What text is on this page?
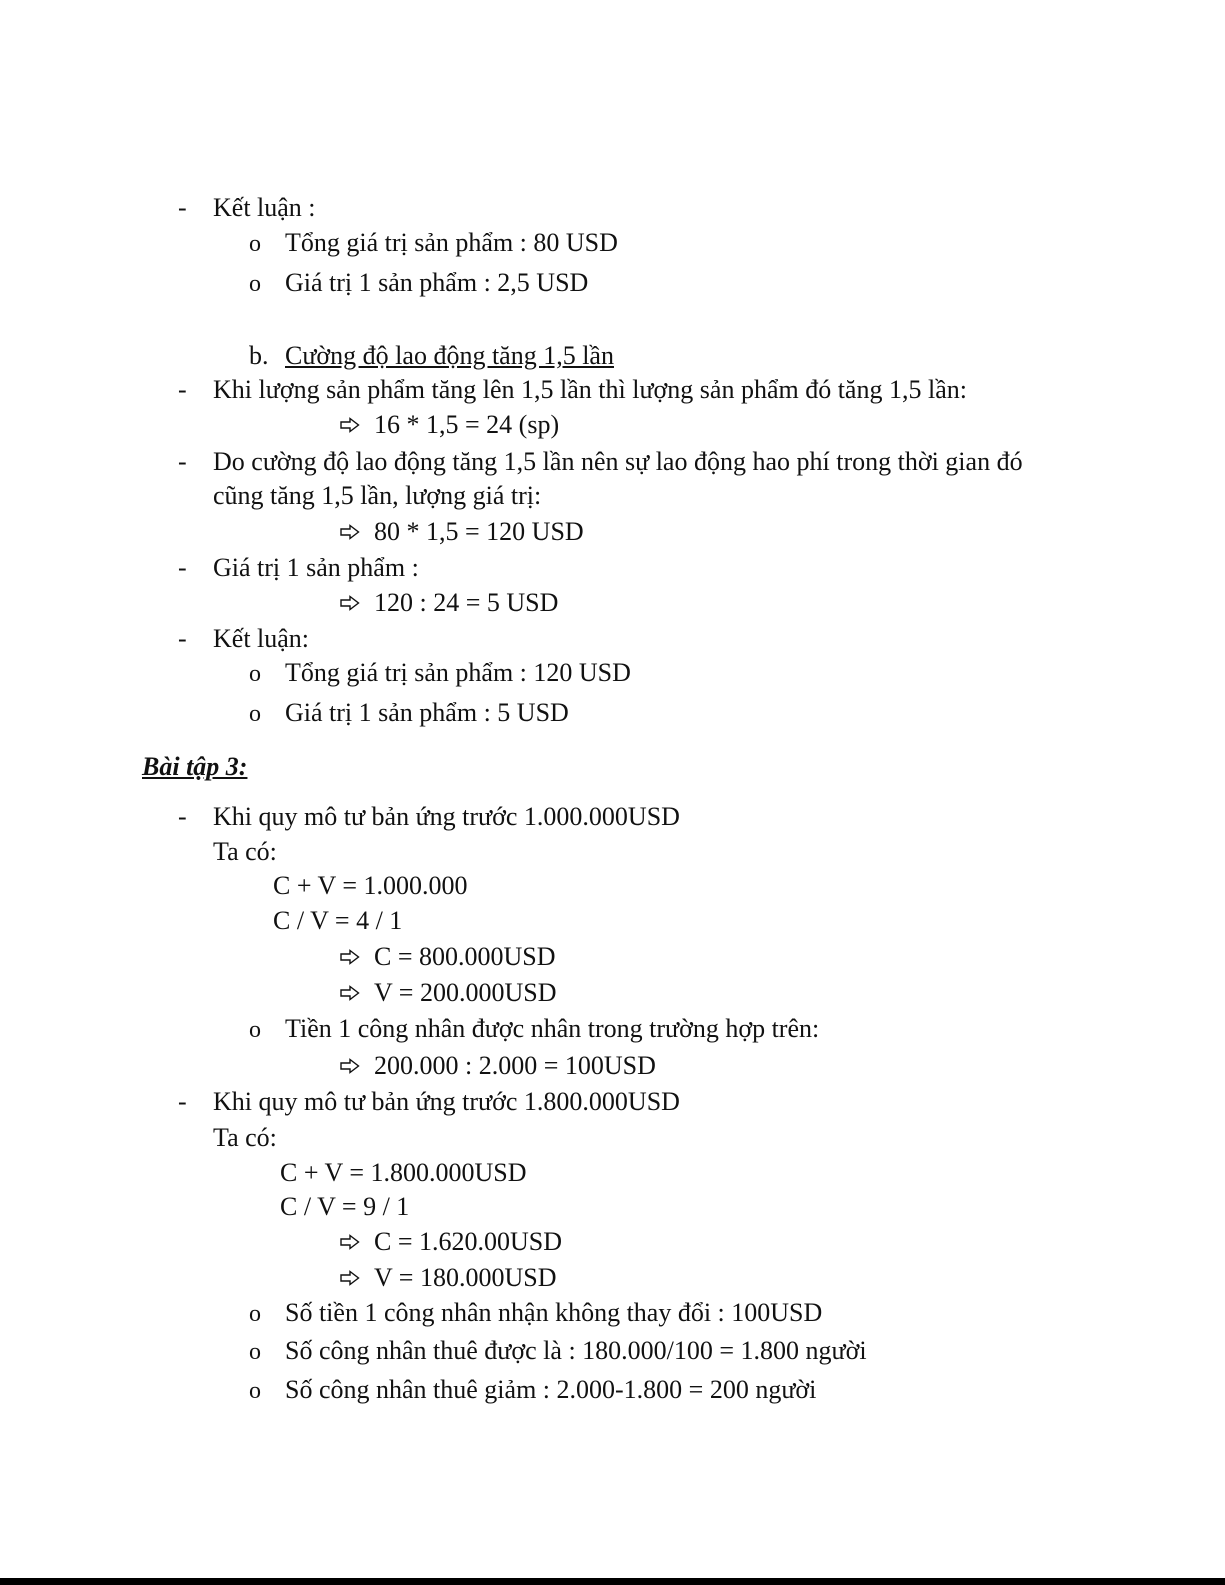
- Kết luận :
o Tổng giá trị sản phẩm : 80 USD
o Giá trị 1 sản phẩm : 2,5 USD
b. Cường độ lao động tăng 1,5 lần
- Khi lượng sản phẩm tăng lên 1,5 lần thì lượng sản phẩm đó tăng 1,5 lần:
16 * 1,5 = 24 (sp)
- Do cường độ lao động tăng 1,5 lần nên sự lao động hao phí trong thời gian đó
cũng tăng 1,5 lần, lượng giá trị:
80 * 1,5 = 120 USD
- Giá trị 1 sản phẩm :
120 : 24 = 5 USD
- Kết luận:
o Tổng giá trị sản phẩm : 120 USD
o Giá trị 1 sản phẩm : 5 USD
Bài tập 3:
- Khi quy mô tư bản ứng trước 1.000.000USD
Ta có:
C + V = 1.000.000
C / V = 4 / 1
C = 800.000USD
V = 200.000USD
o Tiền 1 công nhân được nhân trong trường hợp trên:
200.000 : 2.000 = 100USD
- Khi quy mô tư bản ứng trước 1.800.000USD
Ta có:
C + V = 1.800.000USD
C / V = 9 / 1
C = 1.620.00USD
V = 180.000USD
o Số tiền 1 công nhân nhận không thay đổi : 100USD
o Số công nhân thuê được là : 180.000/100 = 1.800 người
o Số công nhân thuê giảm : 2.000-1.800 = 200 người
